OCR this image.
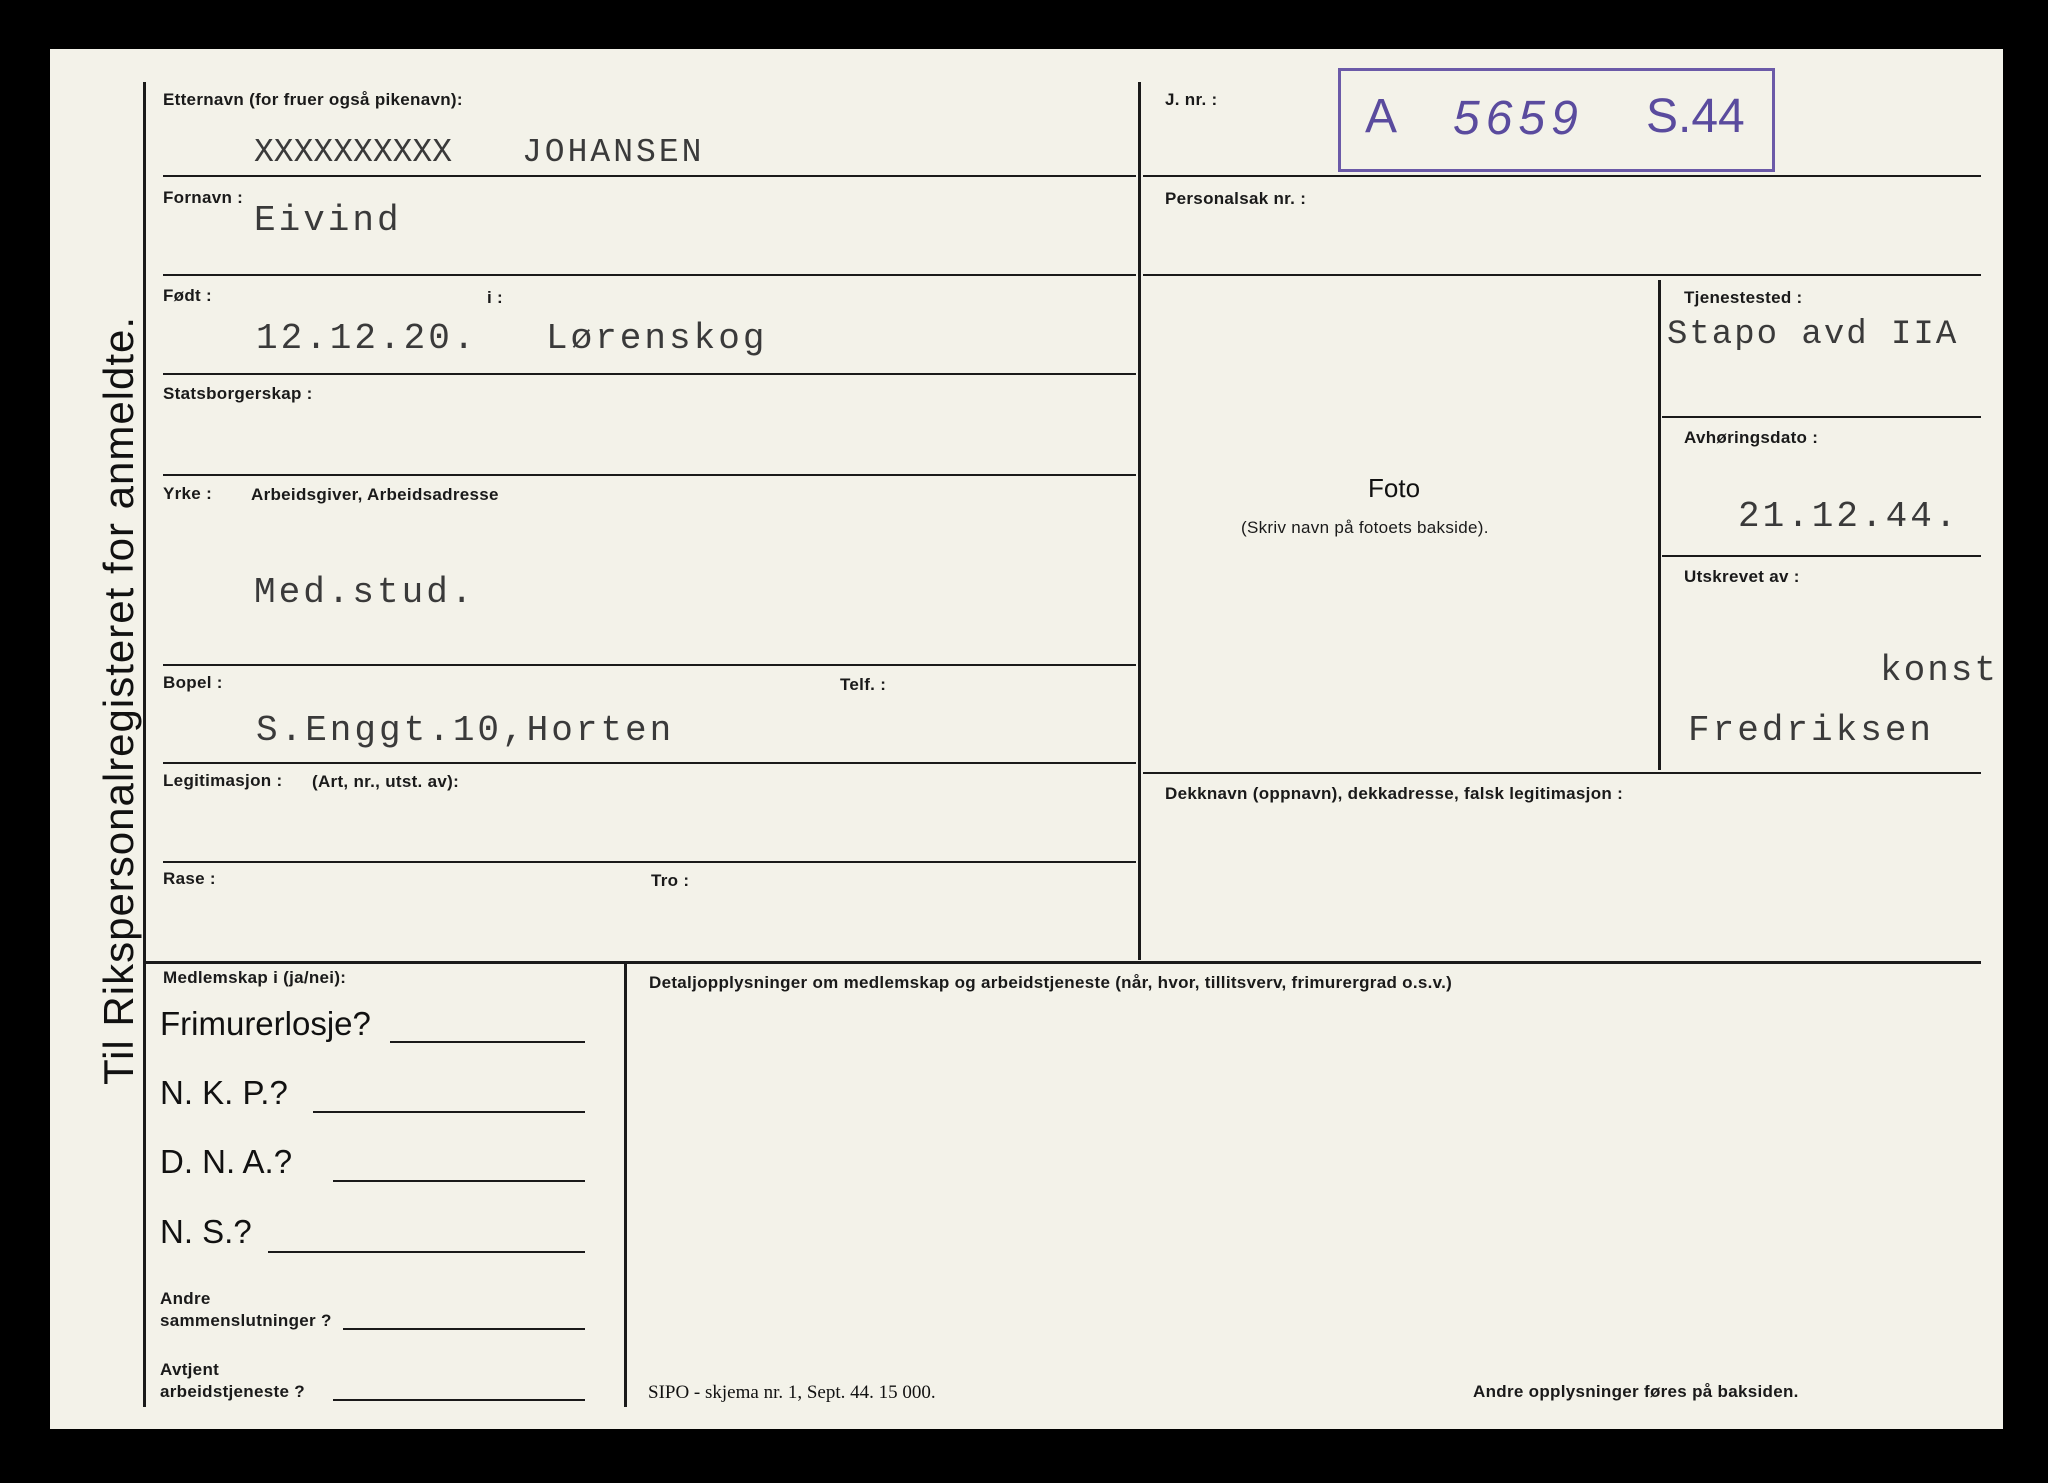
Til Rikspersonalregisteret for anmeldte.
A 5659 S.44
Etternavn (for fruer også pikenavn):
XXXXXXXXXX JOHANSEN
Fornavn :
Eivind
Født :	i :
12.12.20. Lørenskog
Statsborgerskap :
Yrke : Arbeidsgiver, Arbeidsadresse
Med.stud.
Bopel :	Telf. :
S.Enggt.10,Horten
Legitimasjon : (Art, nr., utst. av):
Rase :	Tro :
J. nr. :
Personalsak nr. :
Foto
(Skriv navn på fotoets bakside).
Tjenestested :
Stapo avd IIA
Avhøringsdato :
21.12.44.
Utskrevet av :
konst
Fredriksen
Dekknavn (oppnavn), dekkadresse, falsk legitimasjon :
Medlemskap i (ja/nei):
Frimurerlosje?
N. K. P.?
D. N. A.?
N. S.?
Andre
sammenslutninger ?
Avtjent
arbeidstjeneste ?
Detaljopplysninger om medlemskap og arbeidstjeneste (når, hvor, tillitsverv, frimurergrad o.s.v.)
SIPO - skjema nr. 1, Sept. 44. 15 000.	Andre opplysninger føres på baksiden.
